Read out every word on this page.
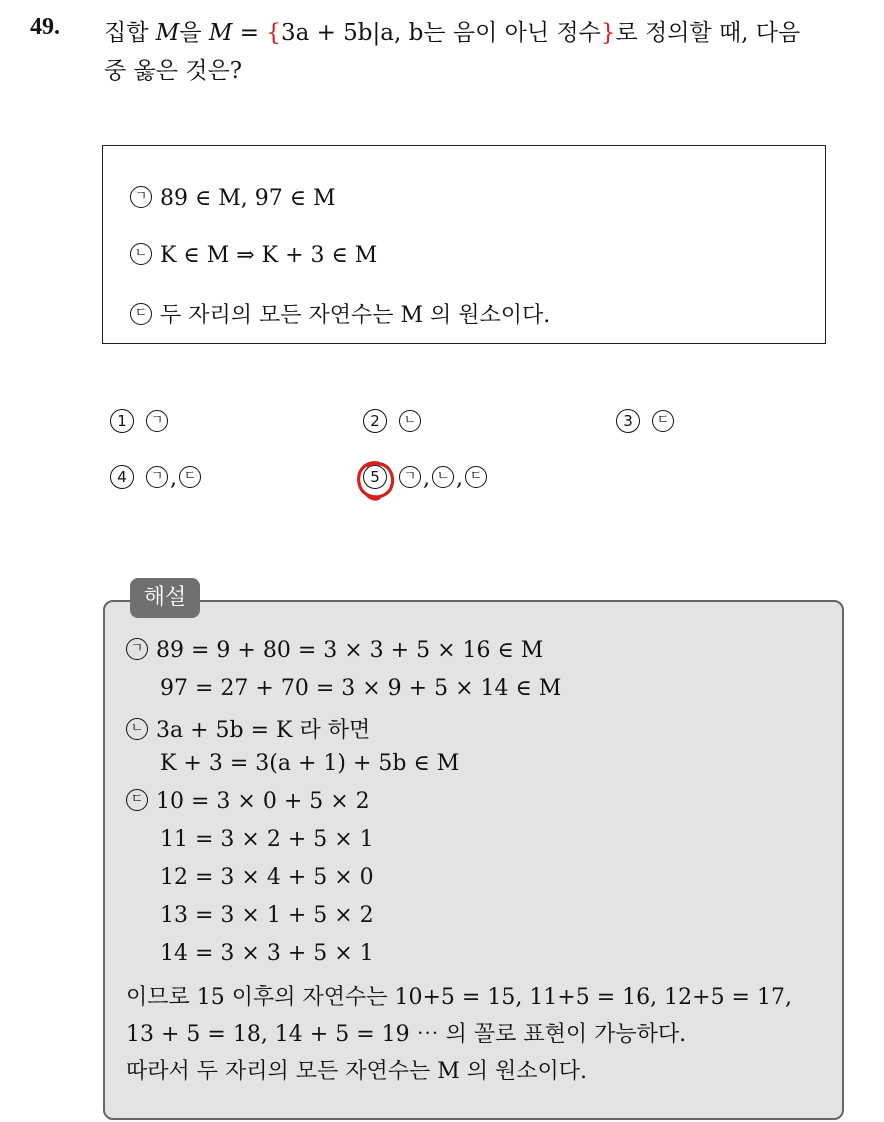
49. 집합 M을 M = {3a + 5b|a, b는 음이 아닌 정수}로 정의할 때, 다음
중 옳은 것은?
ㄱ 89 ∈ M, 97 ∈ M
ㄴ K ∈ M ⇒ K + 3 ∈ M
ㄷ 두 자리의 모든 자연수는 M 의 원소이다.
1 ㄱ	2 ㄴ	3 ㄷ
4 ㄱ , ㄷ	5 ㄱ , ㄴ , ㄷ
해설
ㄱ 89 = 9 + 80 = 3 × 3 + 5 × 16 ∈ M
97 = 27 + 70 = 3 × 9 + 5 × 14 ∈ M
ㄴ 3a + 5b = K 라 하면
K + 3 = 3(a + 1) + 5b ∈ M
ㄷ 10 = 3 × 0 + 5 × 2
11 = 3 × 2 + 5 × 1
12 = 3 × 4 + 5 × 0
13 = 3 × 1 + 5 × 2
14 = 3 × 3 + 5 × 1
이므로 15 이후의 자연수는 10+5 = 15, 11+5 = 16, 12+5 = 17,
13 + 5 = 18, 14 + 5 = 19 ⋯ 의 꼴로 표현이 가능하다.
따라서 두 자리의 모든 자연수는 M 의 원소이다.
